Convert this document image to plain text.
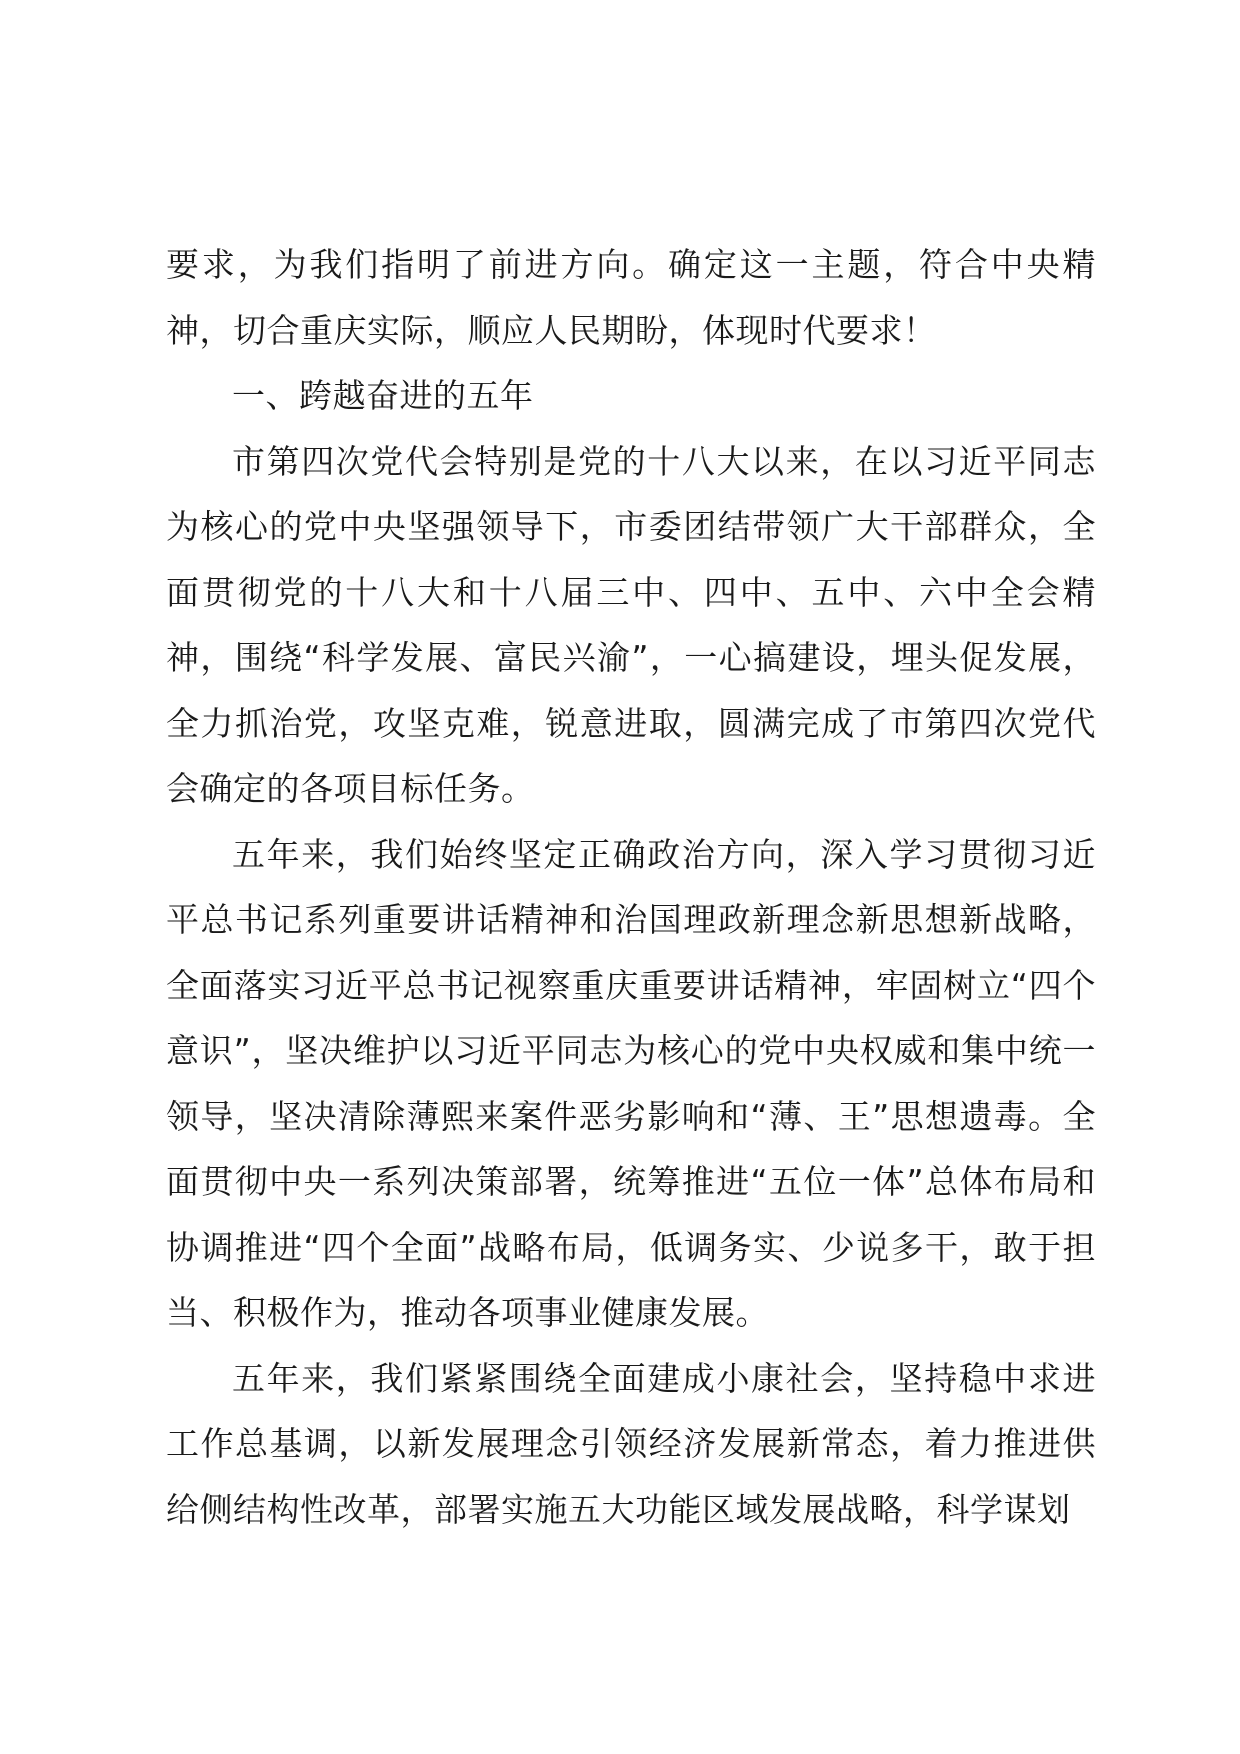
要求，为我们指明了前进方向。确定这一主题，符合中央精神，切合重庆实际，顺应人民期盼，体现时代要求！

一、跨越奋进的五年

市第四次党代会特别是党的十八大以来，在以习近平同志为核心的党中央坚强领导下，市委团结带领广大干部群众，全面贯彻党的十八大和十八届三中、四中、五中、六中全会精神，围绕“科学发展、富民兴渝”，一心搞建设，埋头促发展，全力抓治党，攻坚克难，锐意进取，圆满完成了市第四次党代会确定的各项目标任务。

五年来，我们始终坚定正确政治方向，深入学习贯彻习近平总书记系列重要讲话精神和治国理政新理念新思想新战略，全面落实习近平总书记视察重庆重要讲话精神，牢固树立“四个意识”，坚决维护以习近平同志为核心的党中央权威和集中统一领导，坚决清除薄熙来案件恶劣影响和“薄、王”思想遗毒。全面贯彻中央一系列决策部署，统筹推进“五位一体”总体布局和协调推进“四个全面”战略布局，低调务实、少说多干，敢于担当、积极作为，推动各项事业健康发展。

五年来，我们紧紧围绕全面建成小康社会，坚持稳中求进工作总基调，以新发展理念引领经济发展新常态，着力推进供给侧结构性改革，部署实施五大功能区域发展战略，科学谋划
